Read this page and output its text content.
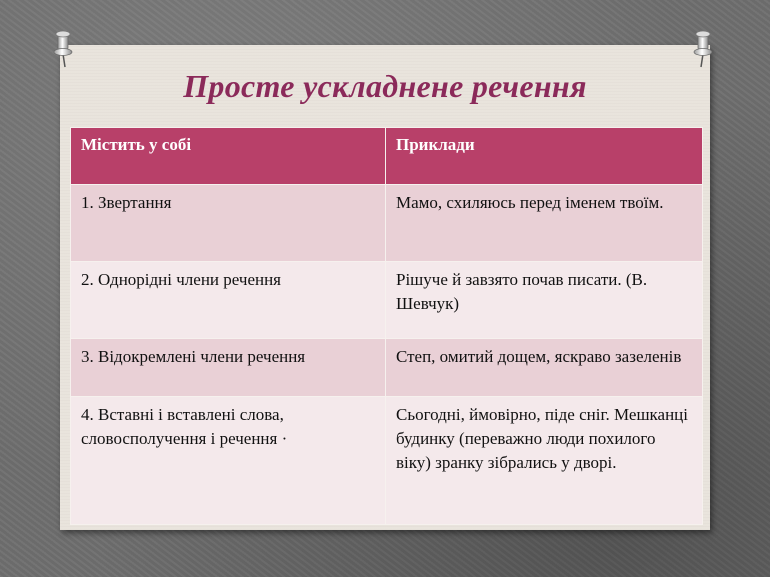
Просте ускладнене речення
Містить у собі	Приклади
1. Звертання	Мамо, схиляюсь перед іменем твоїм.
2. Однорідні члени речення	Рішуче й завзято почав писати. (В. Шевчук)
3. Відокремлені члени речення	Степ, омитий дощем, яскраво зазеленів
4. Вставні і вставлені слова, словосполучення і речення ·	Сьогодні, ймовірно, піде сніг. Мешканці будинку (переважно люди похилого віку) зранку зібрались у дворі.
